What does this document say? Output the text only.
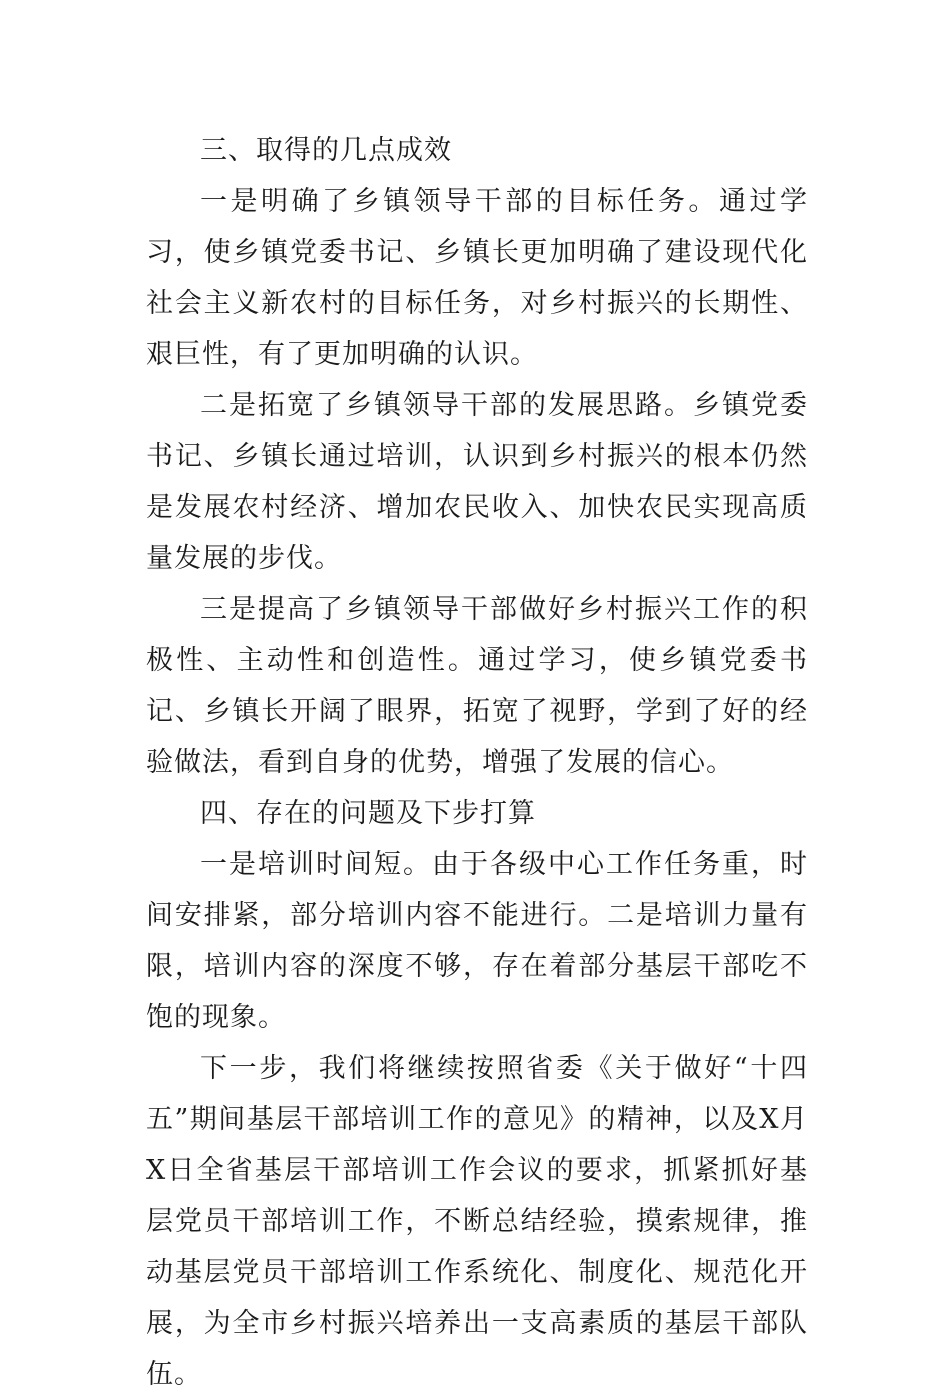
三、取得的几点成效

一是明确了乡镇领导干部的目标任务。通过学习，使乡镇党委书记、乡镇长更加明确了建设现代化社会主义新农村的目标任务，对乡村振兴的长期性、艰巨性，有了更加明确的认识。

二是拓宽了乡镇领导干部的发展思路。乡镇党委书记、乡镇长通过培训，认识到乡村振兴的根本仍然是发展农村经济、增加农民收入、加快农民实现高质量发展的步伐。

三是提高了乡镇领导干部做好乡村振兴工作的积极性、主动性和创造性。通过学习，使乡镇党委书记、乡镇长开阔了眼界，拓宽了视野，学到了好的经验做法，看到自身的优势，增强了发展的信心。

四、存在的问题及下步打算

一是培训时间短。由于各级中心工作任务重，时间安排紧，部分培训内容不能进行。二是培训力量有限，培训内容的深度不够，存在着部分基层干部吃不饱的现象。

下一步，我们将继续按照省委《关于做好“十四五”期间基层干部培训工作的意见》的精神，以及X月X日全省基层干部培训工作会议的要求，抓紧抓好基层党员干部培训工作，不断总结经验，摸索规律，推动基层党员干部培训工作系统化、制度化、规范化开展，为全市乡村振兴培养出一支高素质的基层干部队伍。
